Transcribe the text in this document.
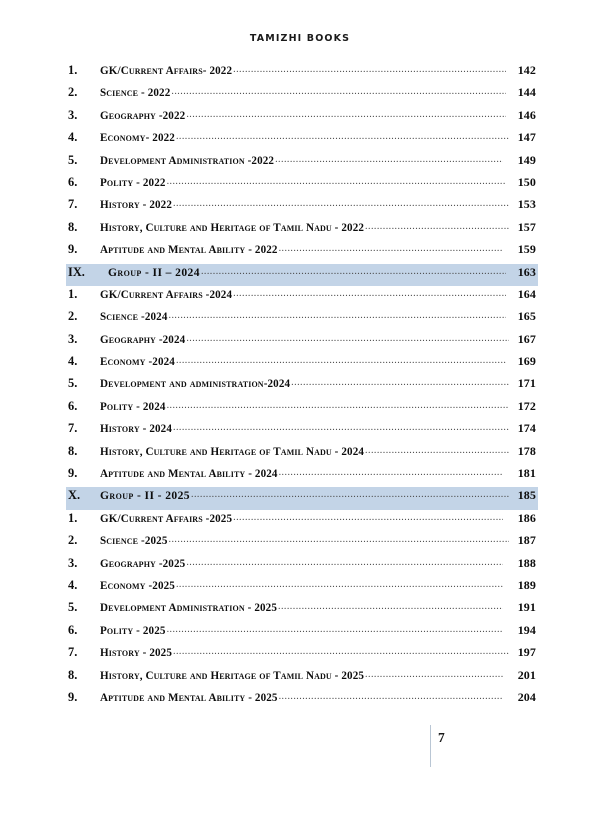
TAMIZHI BOOKS
1.	GK/Current Affairs- 2022 .....	142
2.	Science - 2022 .....	144
3.	Geography -2022 .....	146
4.	Economy- 2022 .....	147
5.	Development Administration -2022 .....	149
6.	Polity - 2022 .....	150
7.	History - 2022 .....	153
8.	History, Culture and Heritage of Tamil Nadu - 2022 .....	157
9.	Aptitude and Mental Ability - 2022 .....	159
IX.	Group - II – 2024 .....	163
1.	GK/Current Affairs -2024 .....	164
2.	Science -2024 .....	165
3.	Geography -2024 .....	167
4.	Economy -2024 .....	169
5.	Development and administration-2024 .....	171
6.	Polity - 2024 .....	172
7.	History - 2024 .....	174
8.	History, Culture and Heritage of Tamil Nadu - 2024 .....	178
9.	Aptitude and Mental Ability - 2024 .....	181
X.	Group - II - 2025 .....	185
1.	GK/Current Affairs -2025 .....	186
2.	Science -2025 .....	187
3.	Geography -2025 .....	188
4.	Economy -2025 .....	189
5.	Development Administration - 2025 .....	191
6.	Polity - 2025 .....	194
7.	History - 2025 .....	197
8.	History, Culture and Heritage of Tamil Nadu - 2025 .....	201
9.	Aptitude and Mental Ability - 2025 .....	204
7
